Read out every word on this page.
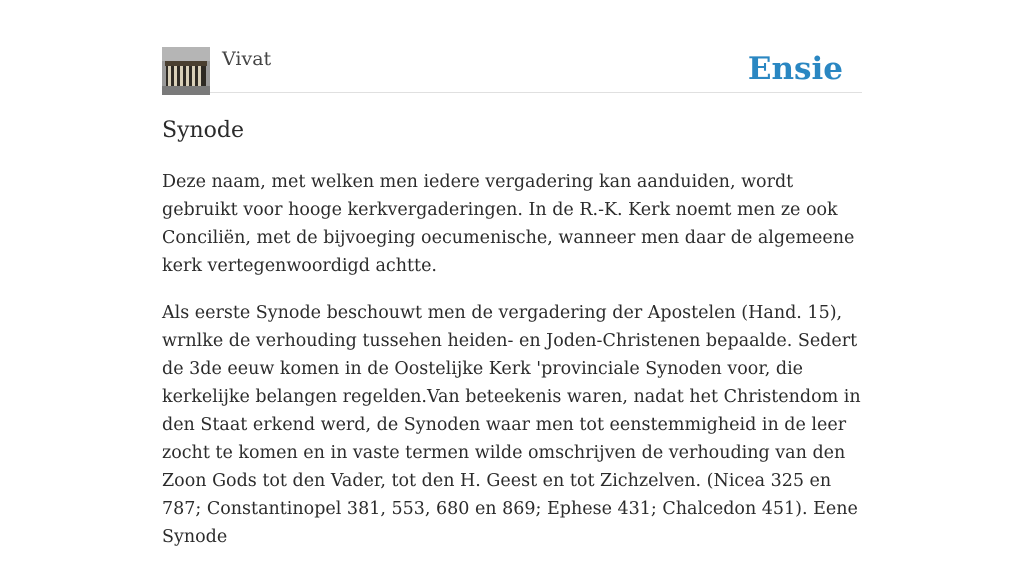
Vivat	Ensie
Synode

Deze naam, met welken men iedere vergadering kan aanduiden, wordt gebruikt voor hooge kerkvergaderingen. In de R.-K. Kerk noemt men ze ook Conciliën, met de bijvoeging oecumenische, wanneer men daar de algemeene kerk vertegenwoordigd achtte.

Als eerste Synode beschouwt men de vergadering der Apostelen (Hand. 15), wrnlke de verhouding tussehen heiden- en Joden-Christenen bepaalde. Sedert de 3de eeuw komen in de Oostelijke Kerk 'provinciale Synoden voor, die kerkelijke belangen regelden.Van beteekenis waren, nadat het Christendom in den Staat erkend werd, de Synoden waar men tot eenstemmigheid in de leer zocht te komen en in vaste termen wilde omschrijven de verhouding van den Zoon Gods tot den Vader, tot den H. Geest en tot Zichzelven. (Nicea 325 en 787; Constantinopel 381, 553, 680 en 869; Ephese 431; Chalcedon 451). Eene Synode
